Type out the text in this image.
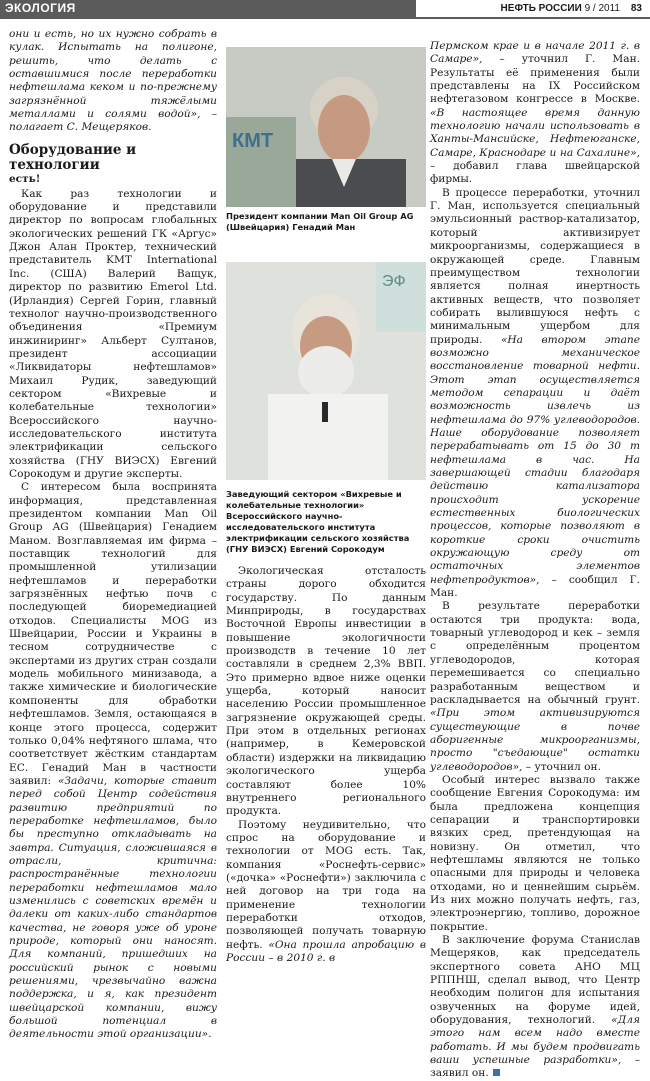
ЭКОЛОГИЯ	НЕФТЬ РОССИИ 9 / 2011	83

они и есть, но их нужно собрать в кулак. Испытать на полигоне, решить, что делать с оставшимися после переработки нефтешлама кеком и по-прежнему загрязнённой тяжёлыми металлами и солями водой», – полагает С. Мещеряков.

Оборудование и технологии
есть!

Как раз технологии и оборудование и представили директор по вопросам глобальных экологических решений ГК «Аргус» Джон Алан Проктер, технический представитель KMT International Inc. (США) Валерий Ващук, директор по развитию Emerol Ltd. (Ирландия) Сергей Горин, главный технолог научно-производственного объединения «Премиум инжиниринг» Альберт Султанов, президент ассоциации «Ликвидаторы нефтешламов» Михаил Рудик, заведующий сектором «Вихревые и колебательные технологии» Всероссийского научно-исследовательского института электрификации сельского хозяйства (ГНУ ВИЭСХ) Евгений Сорокодум и другие эксперты.

С интересом была воспринята информация, представленная президентом компании Man Oil Group AG (Швейцария) Генадием Маном. Возглавляемая им фирма – поставщик технологий для промышленной утилизации нефтешламов и переработки загрязнённых нефтью почв с последующей биоремедиацией отходов. Специалисты MOG из Швейцарии, России и Украины в тесном сотрудничестве с экспертами из других стран создали модель мобильного минизавода, а также химические и биологические компоненты для обработки нефтешламов. Земля, остающаяся в конце этого процесса, содержит только 0,04% нефтяного шлама, что соответствует жёстким стандартам ЕС. Генадий Ман в частности заявил: «Задачи, которые ставит перед собой Центр содействия развитию предприятий по переработке нефтешламов, было бы преступно откладывать на завтра. Ситуация, сложившаяся в отрасли, критична: распространённые технологии переработки нефтешламов мало изменились с советских времён и далеки от каких-либо стандартов качества, не говоря уже об уроне природе, который они наносят. Для компаний, пришедших на российский рынок с новыми решениями, чрезвычайно важна поддержка, и я, как президент швейцарской компании, вижу большой потенциал в деятельности этой организации».

КМТ
Президент компании Man Oil Group AG (Швейцария) Генадий Ман
ЭФ
Заведующий сектором «Вихревые и колебательные технологии» Всероссийского научно-исследовательского института электрификации сельского хозяйства (ГНУ ВИЭСХ) Евгений Сорокодум

Экологическая отсталость страны дорого обходится государству. По данным Минприроды, в государствах Восточной Европы инвестиции в повышение экологичности производств в течение 10 лет составляли в среднем 2,3% ВВП. Это примерно вдвое ниже оценки ущерба, который наносит населению России промышленное загрязнение окружающей среды. При этом в отдельных регионах (например, в Кемеровской области) издержки на ликвидацию экологического ущерба составляют более 10% внутреннего регионального продукта.

Поэтому неудивительно, что спрос на оборудование и технологии от MOG есть. Так, компания «Роснефть-сервис» («дочка» «Роснефти») заключила с ней договор на три года на применение технологии переработки отходов, позволяющей получать товарную нефть. «Она прошла апробацию в России – в 2010 г. в

Пермском крае и в начале 2011 г. в Самаре», – уточнил Г. Ман. Результаты её применения были представлены на IX Российском нефтегазовом конгрессе в Москве. «В настоящее время данную технологию начали использовать в Ханты-Мансийске, Нефтеюганске, Самаре, Краснодаре и на Сахалине», – добавил глава швейцарской фирмы.

В процессе переработки, уточнил Г. Ман, используется специальный эмульсионный раствор-катализатор, который активизирует микроорганизмы, содержащиеся в окружающей среде. Главным преимуществом технологии является полная инертность активных веществ, что позволяет собирать вылившуюся нефть с минимальным ущербом для природы. «На втором этапе возможно механическое восстановление товарной нефти. Этот этап осуществляется методом сепарации и даёт возможность извлечь из нефтешлама до 97% углеводородов. Наше оборудование позволяет перерабатывать от 15 до 30 т нефтешлама в час. На завершающей стадии благодаря действию катализатора происходит ускорение естественных биологических процессов, которые позволяют в короткие сроки очистить окружающую среду от остаточных элементов нефтепродуктов», – сообщил Г. Ман.

В результате переработки остаются три продукта: вода, товарный углеводород и кек – земля с определённым процентом углеводородов, которая перемешивается со специально разработанным веществом и раскладывается на обычный грунт. «При этом активизируются существующие в почве аборигенные микроорганизмы, просто "съедающие" остатки углеводородов», – уточнил он.

Особый интерес вызвало также сообщение Евгения Сорокодума: им была предложена концепция сепарации и транспортировки вязких сред, претендующая на новизну. Он отметил, что нефтешламы являются не только опасными для природы и человека отходами, но и ценнейшим сырьём. Из них можно получать нефть, газ, электроэнергию, топливо, дорожное покрытие.

В заключение форума Станислав Мещеряков, как председатель экспертного совета АНО МЦ РППНШ, сделал вывод, что Центр необходим полигон для испытания озвученных на форуме идей, оборудования, технологий. «Для этого нам всем надо вместе работать. И мы будем продвигать ваши успешные разработки», – заявил он.
